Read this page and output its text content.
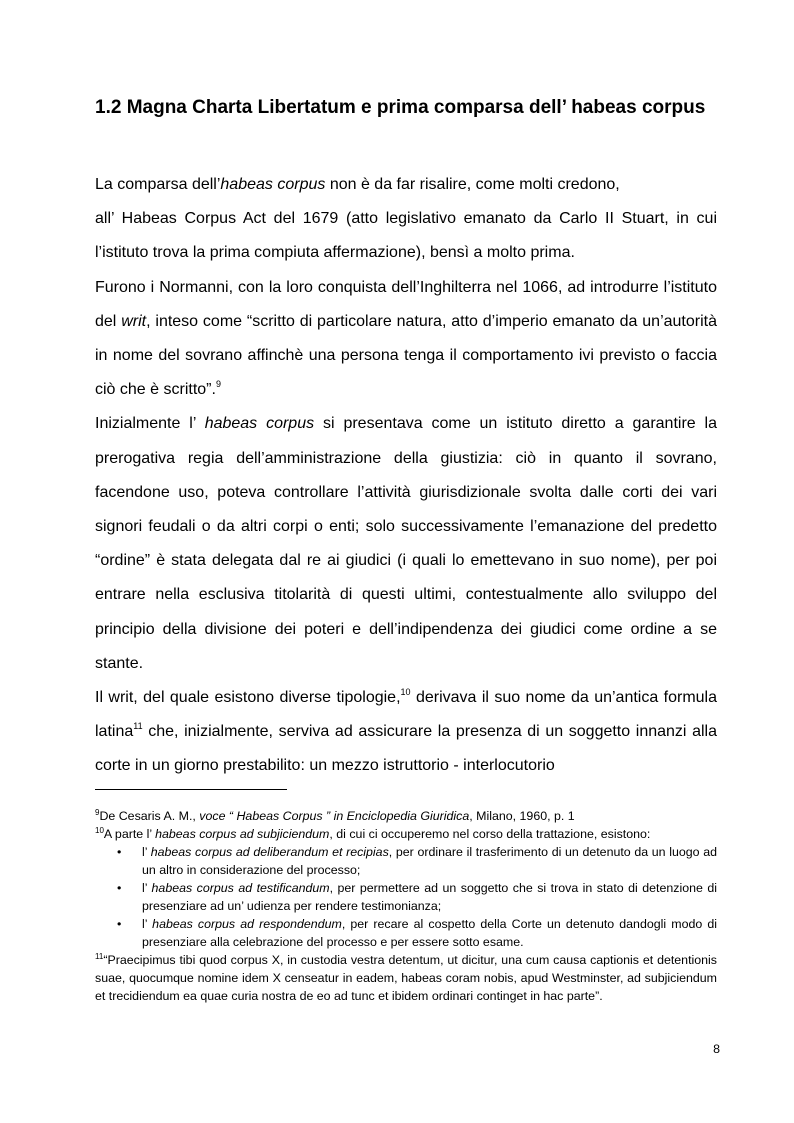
1.2 Magna Charta Libertatum e prima comparsa dell’ habeas corpus

La comparsa dell’habeas corpus non è da far risalire, come molti credono,
all’ Habeas Corpus Act del 1679 (atto legislativo emanato da Carlo II Stuart, in cui l’istituto trova la prima compiuta affermazione), bensì a molto prima.

Furono i Normanni, con la loro conquista dell’Inghilterra nel 1066, ad introdurre l’istituto del writ, inteso come “scritto di particolare natura, atto d’imperio emanato da un’autorità in nome del sovrano affinchè una persona tenga il comportamento ivi previsto o faccia ciò che è scritto”.$^9$

Inizialmente l’ habeas corpus si presentava come un istituto diretto a garantire la prerogativa regia dell’amministrazione della giustizia: ciò in quanto il sovrano, facendone uso, poteva controllare l’attività giurisdizionale svolta dalle corti dei vari signori feudali o da altri corpi o enti; solo successivamente l’emanazione del predetto “ordine” è stata delegata dal re ai giudici (i quali lo emettevano in suo nome), per poi entrare nella esclusiva titolarità di questi ultimi, contestualmente allo sviluppo del principio della divisione dei poteri e dell’indipendenza dei giudici come ordine a se stante.

Il writ, del quale esistono diverse tipologie,$^{10}$ derivava il suo nome da un’antica formula latina$^{11}$ che, inizialmente, serviva ad assicurare la presenza di un soggetto innanzi alla corte in un giorno prestabilito: un mezzo istruttorio - interlocutorio

$^9$De Cesaris A. M., voce “ Habeas Corpus ” in Enciclopedia Giuridica, Milano, 1960, p. 1

$^{10}$A parte l’ habeas corpus ad subjiciendum, di cui ci occuperemo nel corso della trattazione, esistono:

• l’ habeas corpus ad deliberandum et recipias, per ordinare il trasferimento di un detenuto da un luogo ad un altro in considerazione del processo;
• l’ habeas corpus ad testificandum, per permettere ad un soggetto che si trova in stato di detenzione di presenziare ad un’ udienza per rendere testimonianza;
• l’ habeas corpus ad respondendum, per recare al cospetto della Corte un detenuto dandogli modo di presenziare alla celebrazione del processo e per essere sotto esame.

$^{11}$“Praecipimus tibi quod corpus X, in custodia vestra detentum, ut dicitur, una cum causa captionis et detentionis suae, quocumque nomine idem X censeatur in eadem, habeas coram nobis, apud Westminster, ad subjiciendum et trecidiendum ea quae curia nostra de eo ad tunc et ibidem ordinari continget in hac parte”.

8
